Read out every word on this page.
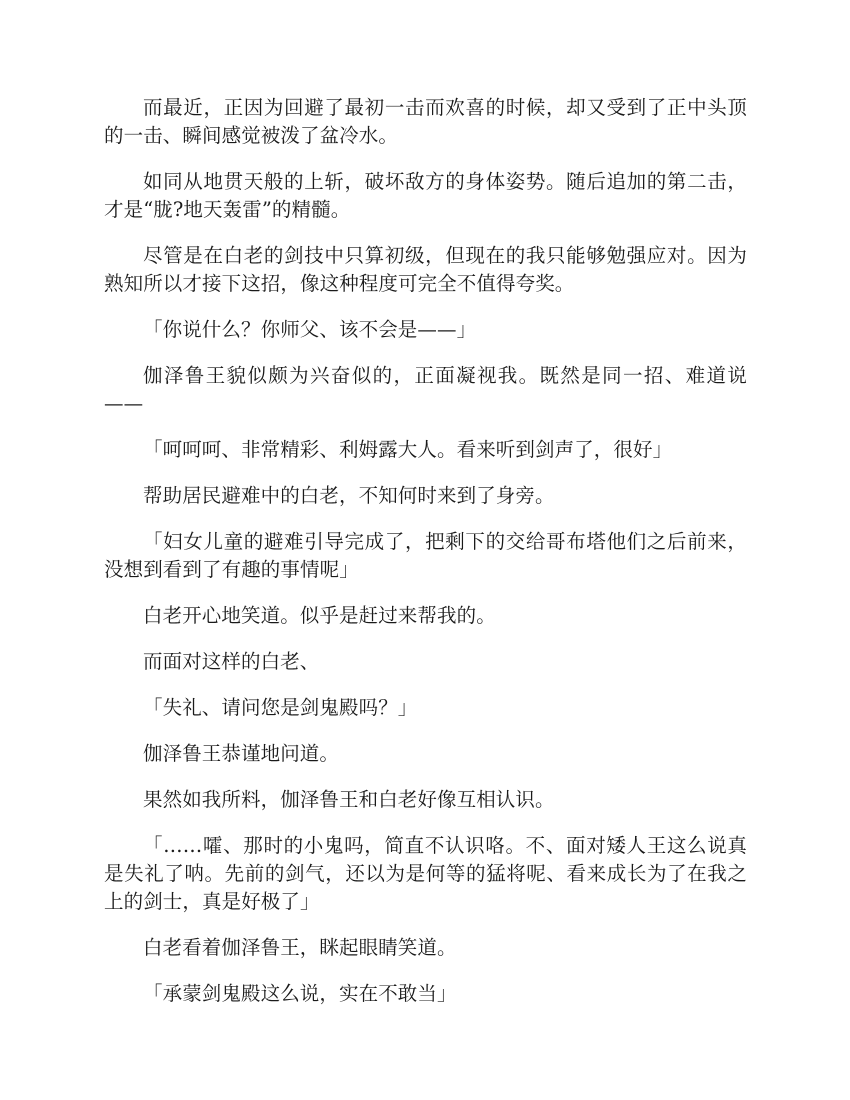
而最近，正因为回避了最初一击而欢喜的时候，却又受到了正中头顶的一击、瞬间感觉被泼了盆冷水。

如同从地贯天般的上斩，破坏敌方的身体姿势。随后追加的第二击，才是“胧?地天轰雷”的精髓。

尽管是在白老的剑技中只算初级，但现在的我只能够勉强应对。因为熟知所以才接下这招，像这种程度可完全不值得夸奖。

「你说什么？你师父、该不会是——」

伽泽鲁王貌似颇为兴奋似的，正面凝视我。既然是同一招、难道说——

「呵呵呵、非常精彩、利姆露大人。看来听到剑声了，很好」

帮助居民避难中的白老，不知何时来到了身旁。

「妇女儿童的避难引导完成了，把剩下的交给哥布塔他们之后前来，没想到看到了有趣的事情呢」

白老开心地笑道。似乎是赶过来帮我的。

而面对这样的白老、

「失礼、请问您是剑鬼殿吗？」

伽泽鲁王恭谨地问道。

果然如我所料，伽泽鲁王和白老好像互相认识。

「……嚯、那时的小鬼吗，简直不认识咯。不、面对矮人王这么说真是失礼了呐。先前的剑气，还以为是何等的猛将呢、看来成长为了在我之上的剑士，真是好极了」

白老看着伽泽鲁王，眯起眼睛笑道。

「承蒙剑鬼殿这么说，实在不敢当」
